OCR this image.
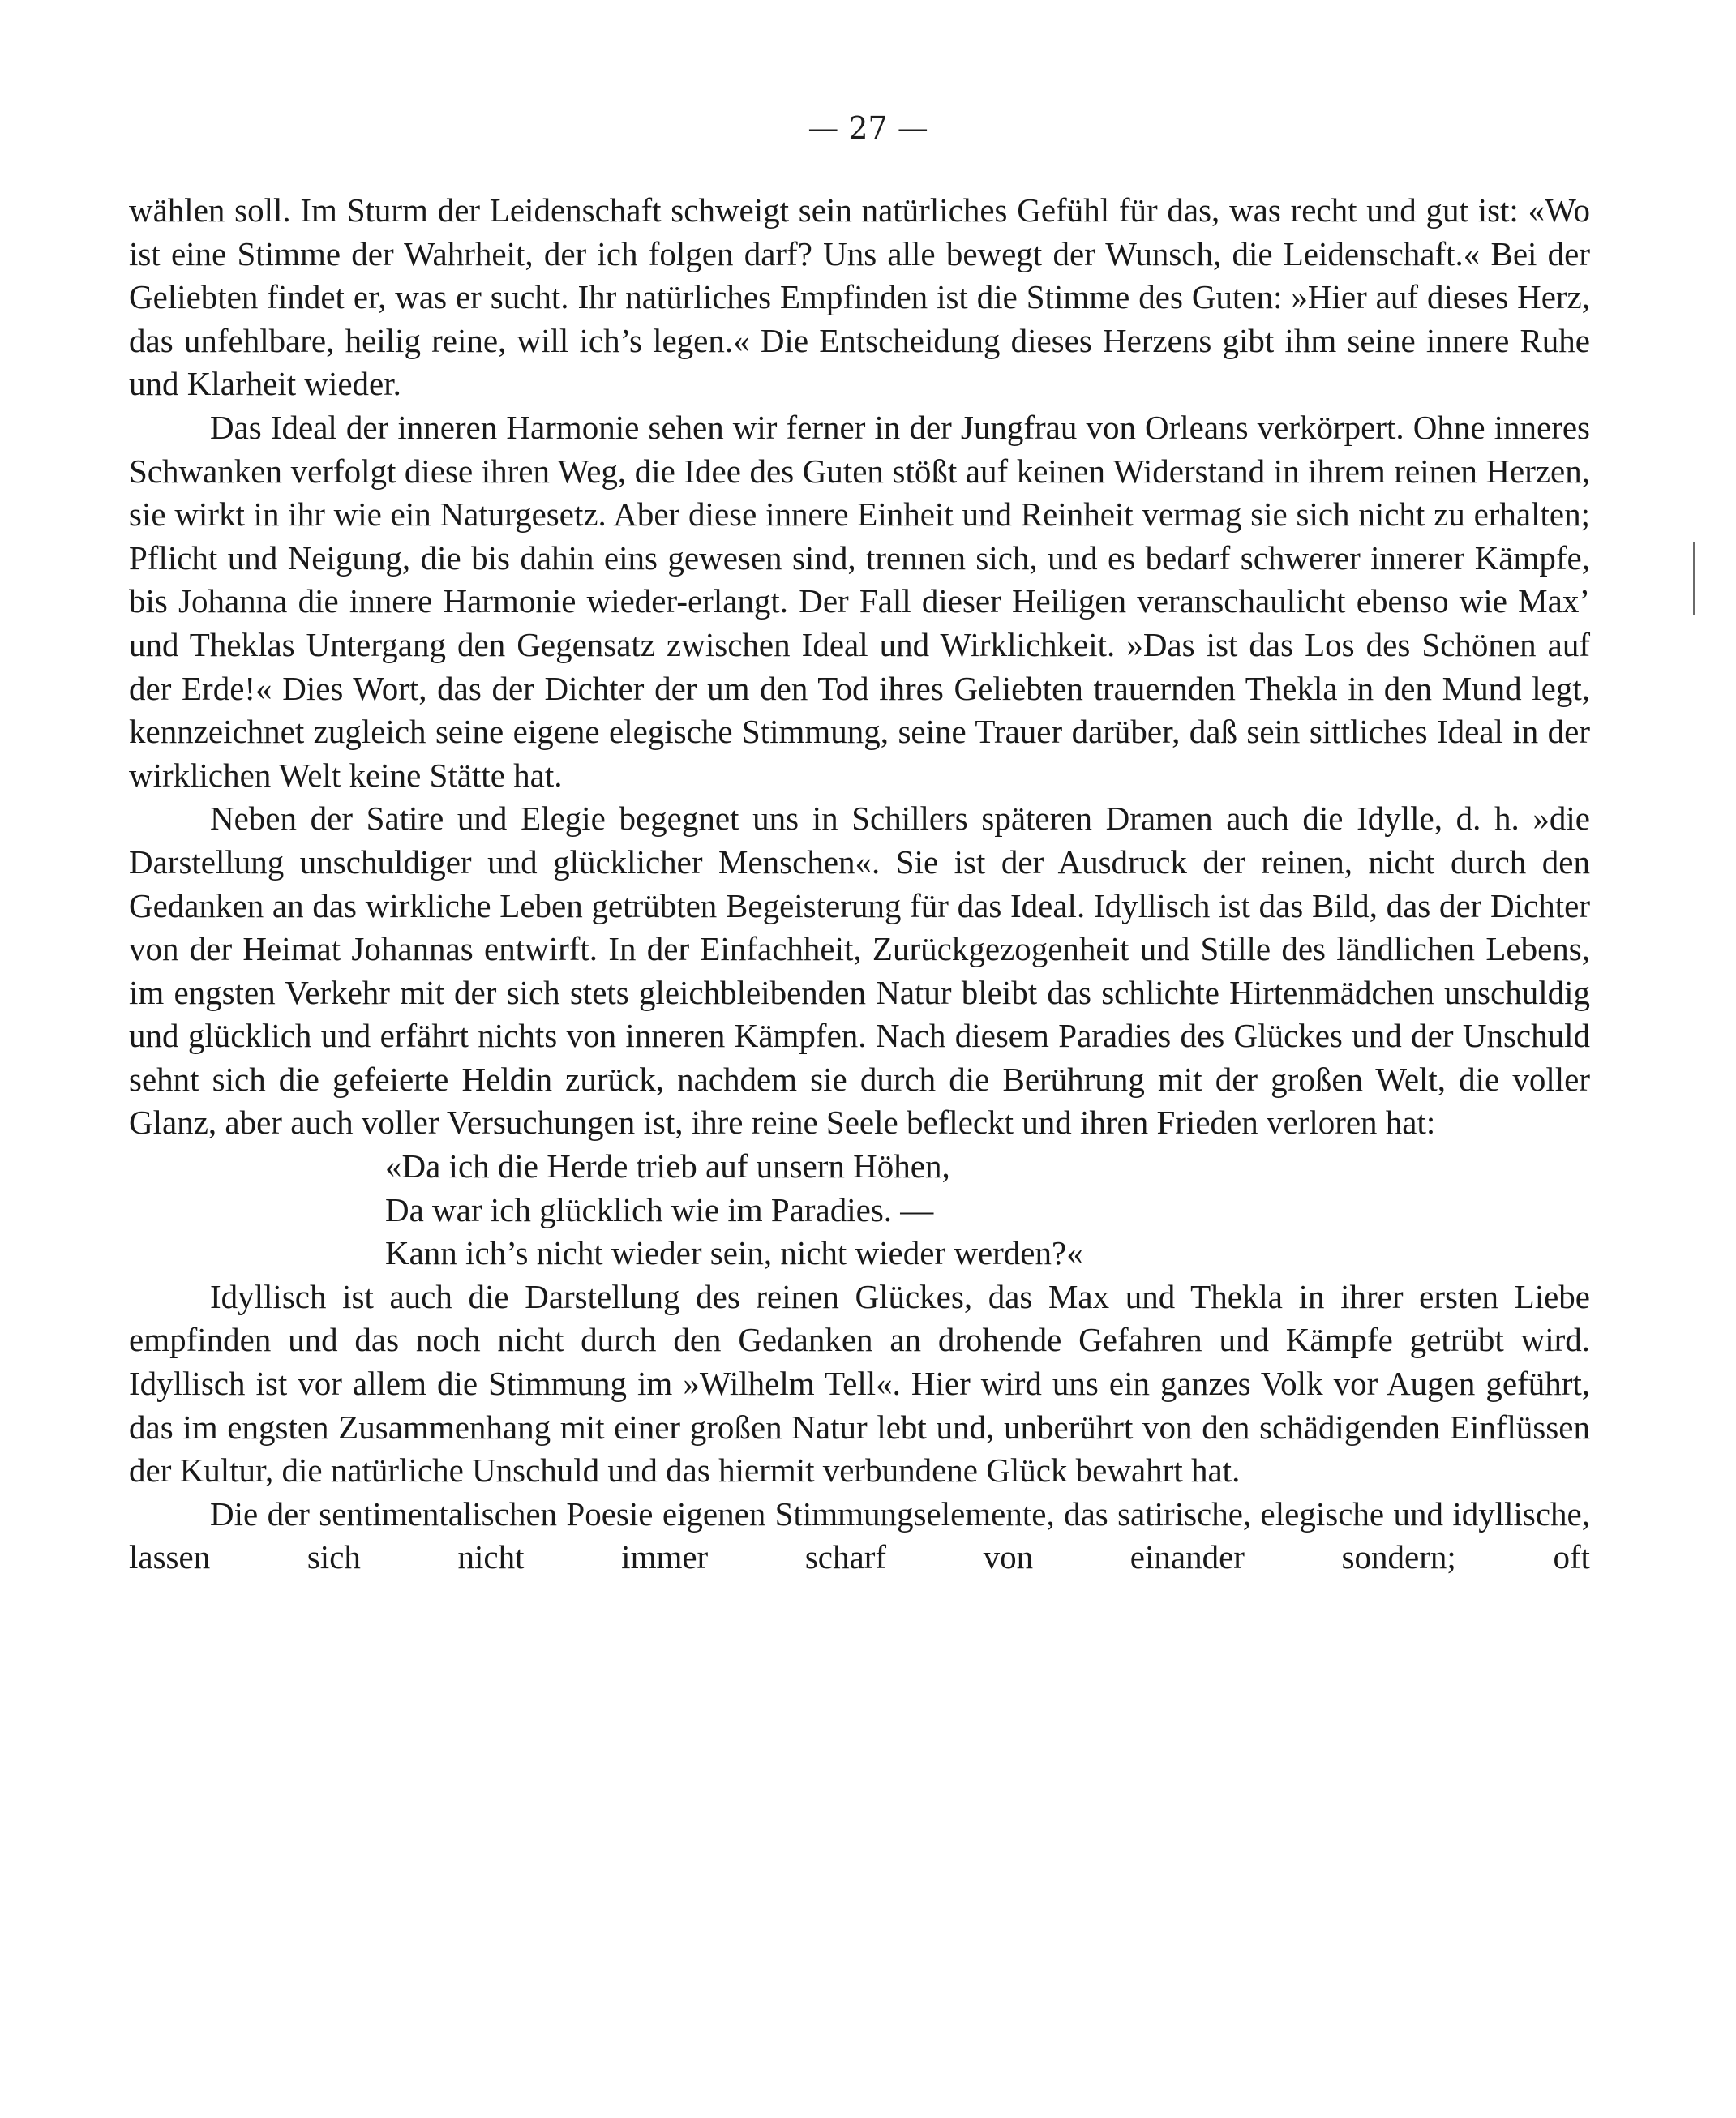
— 27 —

wählen soll. Im Sturm der Leidenschaft schweigt sein natürliches Gefühl für das, was recht und gut ist: «Wo ist eine Stimme der Wahrheit, der ich folgen darf? Uns alle bewegt der Wunsch, die Leidenschaft.« Bei der Geliebten findet er, was er sucht. Ihr natürliches Empfinden ist die Stimme des Guten: »Hier auf dieses Herz, das unfehlbare, heilig reine, will ich’s legen.« Die Entscheidung dieses Herzens gibt ihm seine innere Ruhe und Klarheit wieder.

Das Ideal der inneren Harmonie sehen wir ferner in der Jungfrau von Orleans verkörpert. Ohne inneres Schwanken verfolgt diese ihren Weg, die Idee des Guten stößt auf keinen Widerstand in ihrem reinen Herzen, sie wirkt in ihr wie ein Naturgesetz. Aber diese innere Einheit und Reinheit vermag sie sich nicht zu erhalten; Pflicht und Neigung, die bis dahin eins gewesen sind, trennen sich, und es bedarf schwerer innerer Kämpfe, bis Johanna die innere Harmonie wieder-erlangt. Der Fall dieser Heiligen veranschaulicht ebenso wie Max’ und Theklas Untergang den Gegensatz zwischen Ideal und Wirklichkeit. »Das ist das Los des Schönen auf der Erde!« Dies Wort, das der Dichter der um den Tod ihres Geliebten trauernden Thekla in den Mund legt, kennzeichnet zugleich seine eigene elegische Stimmung, seine Trauer darüber, daß sein sittliches Ideal in der wirklichen Welt keine Stätte hat.

Neben der Satire und Elegie begegnet uns in Schillers späteren Dramen auch die Idylle, d. h. »die Darstellung unschuldiger und glücklicher Menschen«. Sie ist der Ausdruck der reinen, nicht durch den Gedanken an das wirkliche Leben getrübten Begeisterung für das Ideal. Idyllisch ist das Bild, das der Dichter von der Heimat Johannas entwirft. In der Einfachheit, Zurückgezogenheit und Stille des ländlichen Lebens, im engsten Verkehr mit der sich stets gleichbleibenden Natur bleibt das schlichte Hirtenmädchen unschuldig und glücklich und erfährt nichts von inneren Kämpfen. Nach diesem Paradies des Glückes und der Unschuld sehnt sich die gefeierte Heldin zurück, nachdem sie durch die Berührung mit der großen Welt, die voller Glanz, aber auch voller Versuchungen ist, ihre reine Seele befleckt und ihren Frieden verloren hat:

«Da ich die Herde trieb auf unsern Höhen,
Da war ich glücklich wie im Paradies. —
Kann ich’s nicht wieder sein, nicht wieder werden?«

Idyllisch ist auch die Darstellung des reinen Glückes, das Max und Thekla in ihrer ersten Liebe empfinden und das noch nicht durch den Gedanken an drohende Gefahren und Kämpfe getrübt wird. Idyllisch ist vor allem die Stimmung im »Wilhelm Tell«. Hier wird uns ein ganzes Volk vor Augen geführt, das im engsten Zusammenhang mit einer großen Natur lebt und, unberührt von den schädigenden Einflüssen der Kultur, die natürliche Unschuld und das hiermit verbundene Glück bewahrt hat.

Die der sentimentalischen Poesie eigenen Stimmungselemente, das satirische, elegische und idyllische, lassen sich nicht immer scharf von einander sondern; oft
